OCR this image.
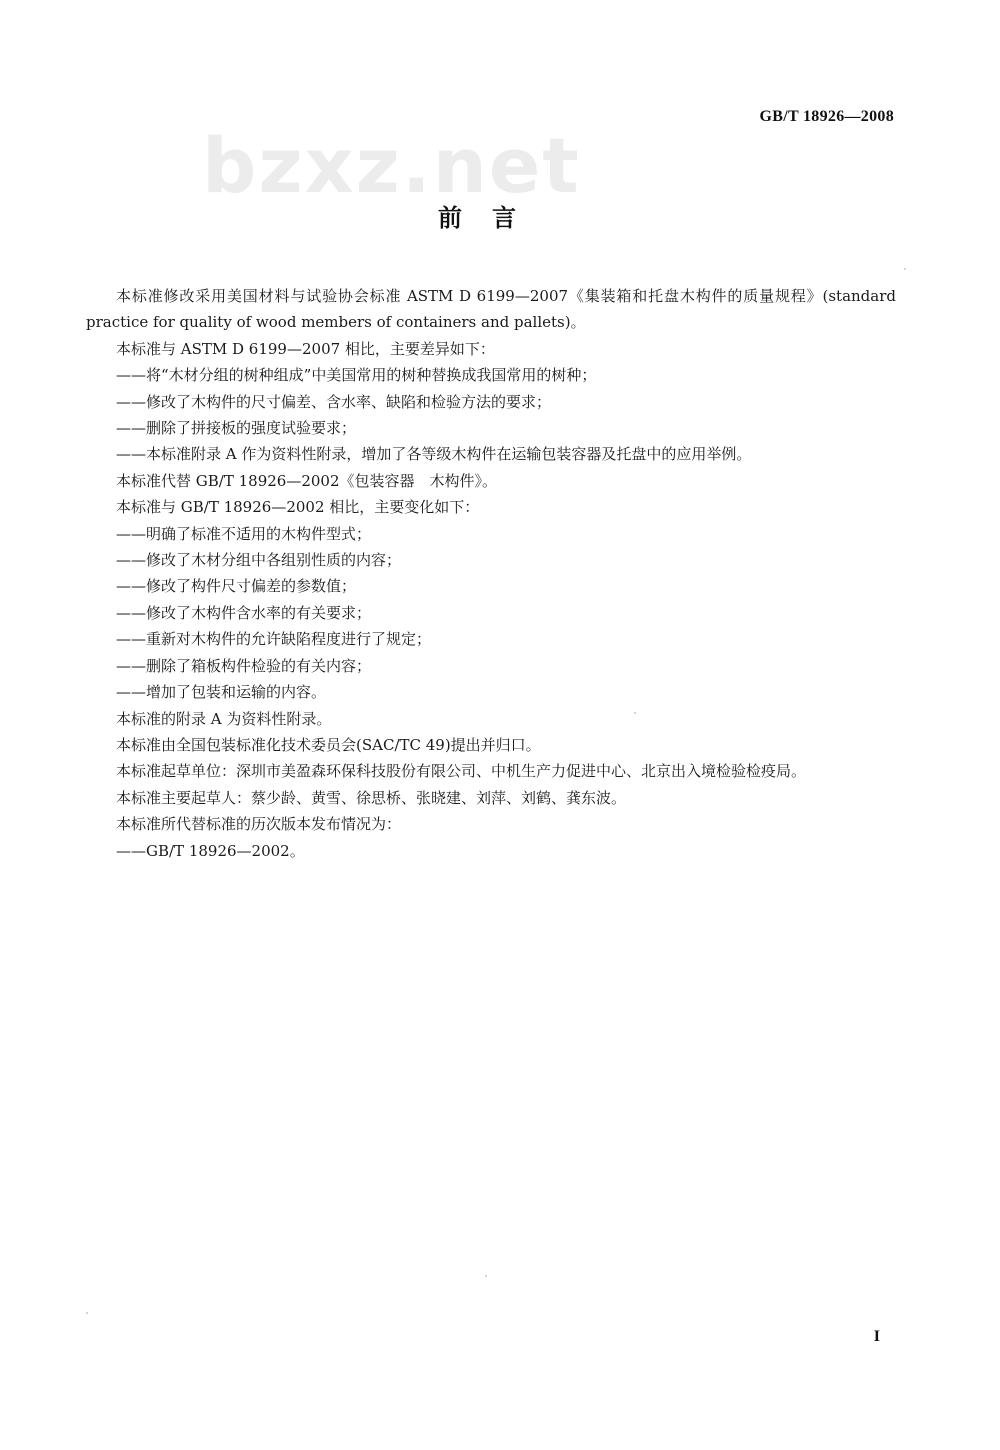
GB/T 18926—2008
bzxz.net
前言

本标准修改采用美国材料与试验协会标准 ASTM D 6199—2007《集装箱和托盘木构件的质量规程》(standard practice for quality of wood members of containers and pallets)。

本标准与 ASTM D 6199—2007 相比，主要差异如下：

——将“木材分组的树种组成”中美国常用的树种替换成我国常用的树种；

——修改了木构件的尺寸偏差、含水率、缺陷和检验方法的要求；

——删除了拼接板的强度试验要求；

——本标准附录 A 作为资料性附录，增加了各等级木构件在运输包装容器及托盘中的应用举例。

本标准代替 GB/T 18926—2002《包装容器　木构件》。

本标准与 GB/T 18926—2002 相比，主要变化如下：

——明确了标准不适用的木构件型式；

——修改了木材分组中各组别性质的内容；

——修改了构件尺寸偏差的参数值；

——修改了木构件含水率的有关要求；

——重新对木构件的允许缺陷程度进行了规定；

——删除了箱板构件检验的有关内容；

——增加了包装和运输的内容。

本标准的附录 A 为资料性附录。

本标准由全国包装标准化技术委员会(SAC/TC 49)提出并归口。

本标准起草单位：深圳市美盈森环保科技股份有限公司、中机生产力促进中心、北京出入境检验检疫局。

本标准主要起草人：蔡少龄、黄雪、徐思桥、张晓建、刘萍、刘鹤、龚东波。

本标准所代替标准的历次版本发布情况为：

——GB/T 18926—2002。

I
